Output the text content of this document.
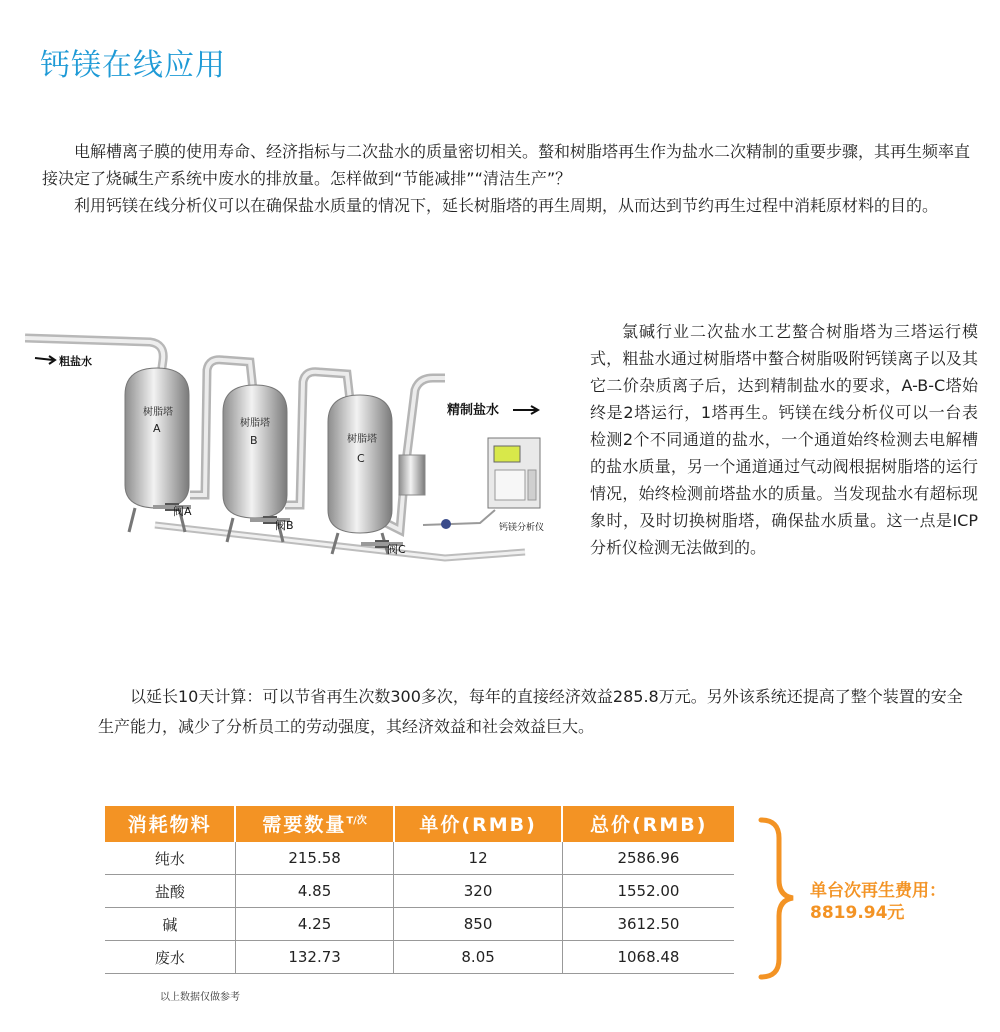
钙镁在线应用

电解槽离子膜的使用寿命、经济指标与二次盐水的质量密切相关。螯和树脂塔再生作为盐水二次精制的重要步骤，其再生频率直接决定了烧碱生产系统中废水的排放量。怎样做到“节能减排”“清洁生产”？

利用钙镁在线分析仪可以在确保盐水质量的情况下，延长树脂塔的再生周期，从而达到节约再生过程中消耗原材料的目的。

粗盐水
树脂塔
A	树脂塔
B	树脂塔
C
阀A
阀B
阀C
精制盐水
钙镁分析仪

氯碱行业二次盐水工艺螯合树脂塔为三塔运行模式，粗盐水通过树脂塔中螯合树脂吸附钙镁离子以及其它二价杂质离子后，达到精制盐水的要求，A-B-C塔始终是2塔运行，1塔再生。钙镁在线分析仪可以一台表检测2个不同通道的盐水，一个通道始终检测去电解槽的盐水质量，另一个通道通过气动阀根据树脂塔的运行情况，始终检测前塔盐水的质量。当发现盐水有超标现象时，及时切换树脂塔，确保盐水质量。这一点是ICP分析仪检测无法做到的。

以延长10天计算：可以节省再生次数300多次，每年的直接经济效益285.8万元。另外该系统还提高了整个装置的安全生产能力，减少了分析员工的劳动强度，其经济效益和社会效益巨大。

消耗物料	需要数量$^{T/次}$	单价(RMB)	总价(RMB)
纯水	215.58	12	2586.96
盐酸	4.85	320	1552.00
碱	4.25	850	3612.50
废水	132.73	8.05	1068.48
以上数据仅做参考
单台次再生费用：
8819.94元
